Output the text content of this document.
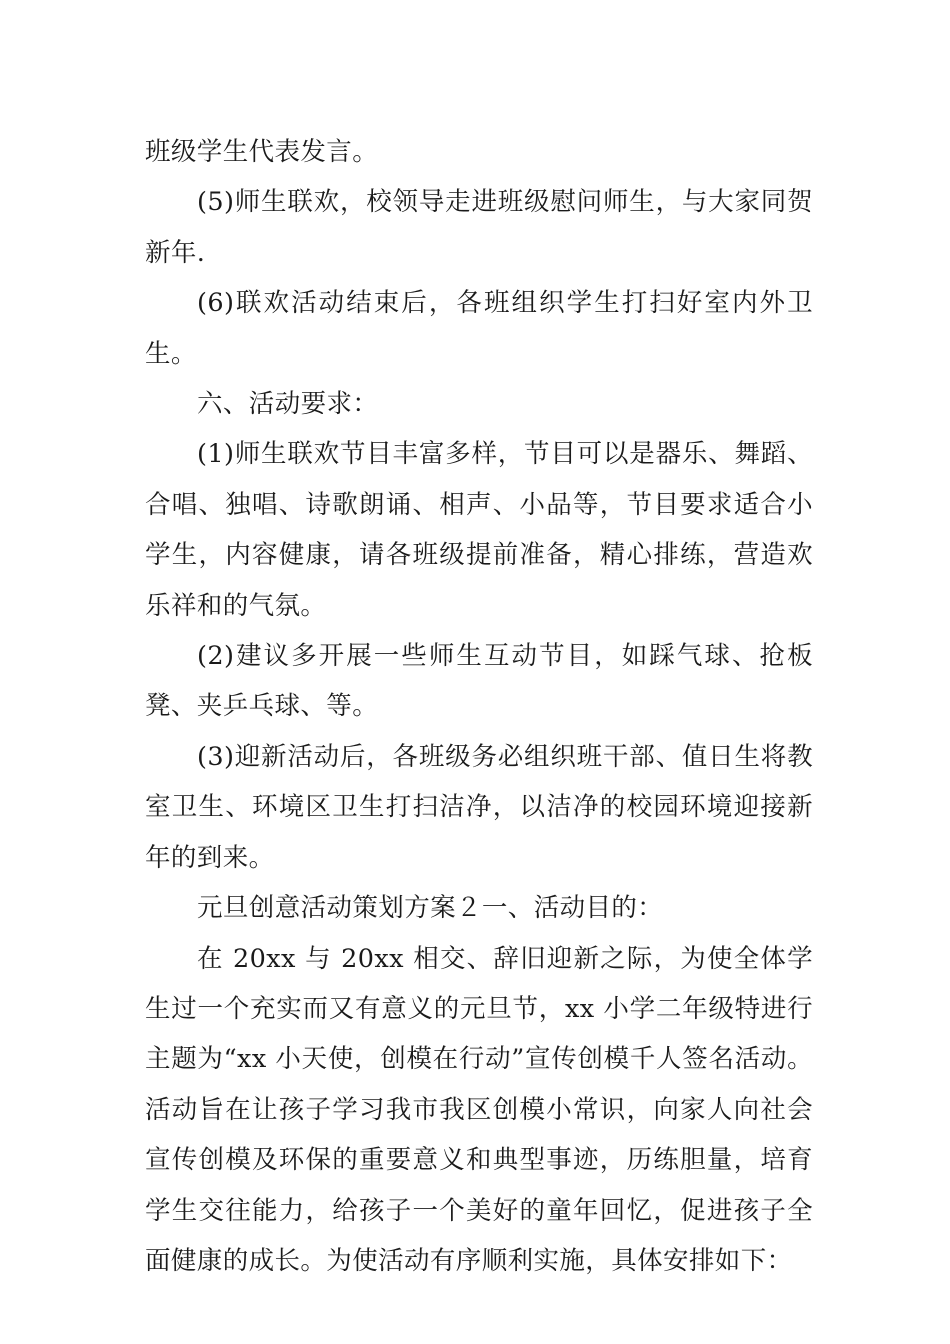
班级学生代表发言。

(5)师生联欢，校领导走进班级慰问师生，与大家同贺新年.

(6)联欢活动结束后，各班组织学生打扫好室内外卫生。

六、活动要求：

(1)师生联欢节目丰富多样，节目可以是器乐、舞蹈、合唱、独唱、诗歌朗诵、相声、小品等，节目要求适合小学生，内容健康，请各班级提前准备，精心排练，营造欢乐祥和的气氛。

(2)建议多开展一些师生互动节目，如踩气球、抢板凳、夹乒乓球、等。

(3)迎新活动后，各班级务必组织班干部、值日生将教室卫生、环境区卫生打扫洁净，以洁净的校园环境迎接新年的到来。

元旦创意活动策划方案２一、活动目的：

在 20xx 与 20xx 相交、辞旧迎新之际，为使全体学生过一个充实而又有意义的元旦节，xx 小学二年级特进行主题为“xx 小天使，创模在行动”宣传创模千人签名活动。活动旨在让孩子学习我市我区创模小常识，向家人向社会宣传创模及环保的重要意义和典型事迹，历练胆量，培育学生交往能力，给孩子一个美好的童年回忆，促进孩子全面健康的成长。为使活动有序顺利实施，具体安排如下：
